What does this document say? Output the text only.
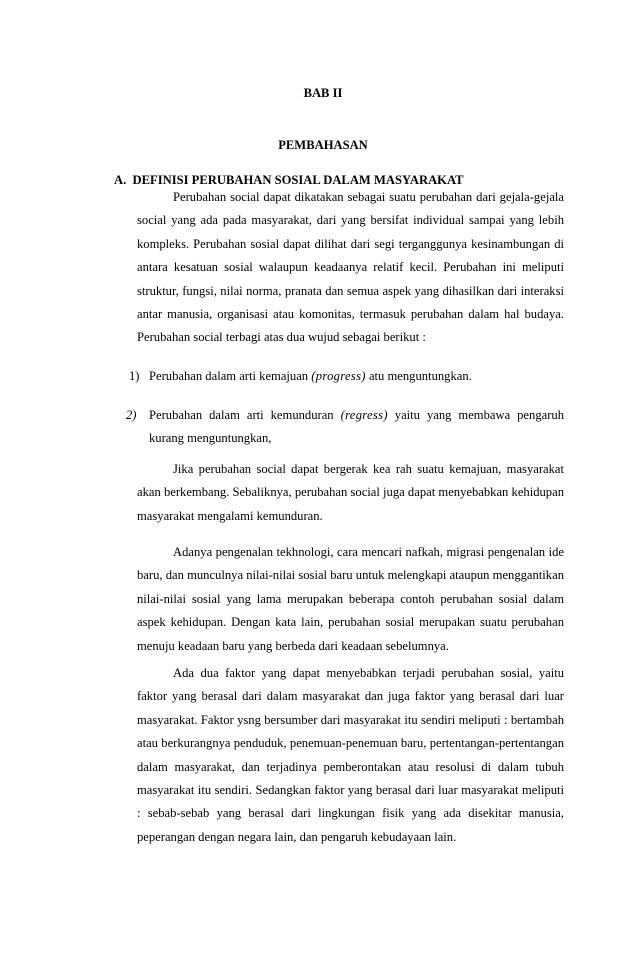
BAB II
PEMBAHASAN
A.  DEFINISI PERUBAHAN SOSIAL DALAM MASYARAKAT

Perubahan social dapat dikatakan sebagai suatu perubahan dari gejala-gejala social yang ada pada masyarakat, dari yang bersifat individual sampai yang lebih kompleks. Perubahan sosial dapat dilihat dari segi terganggunya kesinambungan di antara kesatuan sosial walaupun keadaanya relatif kecil. Perubahan ini meliputi struktur, fungsi, nilai norma, pranata dan semua aspek yang dihasilkan dari interaksi antar manusia, organisasi atau komonitas, termasuk perubahan dalam hal budaya. Perubahan social terbagi atas dua wujud sebagai berikut :

1) Perubahan dalam arti kemajuan (progress) atu menguntungkan.
2) Perubahan dalam arti kemunduran (regress) yaitu yang membawa pengaruh kurang menguntungkan,

Jika perubahan social dapat bergerak kea rah suatu kemajuan, masyarakat akan berkembang. Sebaliknya, perubahan social juga dapat menyebabkan kehidupan masyarakat mengalami kemunduran.

Adanya pengenalan tekhnologi, cara mencari nafkah, migrasi pengenalan ide baru, dan munculnya nilai-nilai sosial baru untuk melengkapi ataupun menggantikan nilai-nilai sosial yang lama merupakan beberapa contoh perubahan sosial dalam aspek kehidupan. Dengan kata lain, perubahan sosial merupakan suatu perubahan menuju keadaan baru yang berbeda dari keadaan sebelumnya.

Ada dua faktor yang dapat menyebabkan terjadi perubahan sosial, yaitu faktor yang berasal dari dalam masyarakat dan juga faktor yang berasal dari luar masyarakat. Faktor ysng bersumber dari masyarakat itu sendiri meliputi : bertambah atau berkurangnya penduduk, penemuan-penemuan baru, pertentangan-pertentangan dalam masyarakat, dan terjadinya pemberontakan atau resolusi di dalam tubuh masyarakat itu sendiri. Sedangkan faktor yang berasal dari luar masyarakat meliputi : sebab-sebab yang berasal dari lingkungan fisik yang ada disekitar manusia, peperangan dengan negara lain, dan pengaruh kebudayaan lain.
